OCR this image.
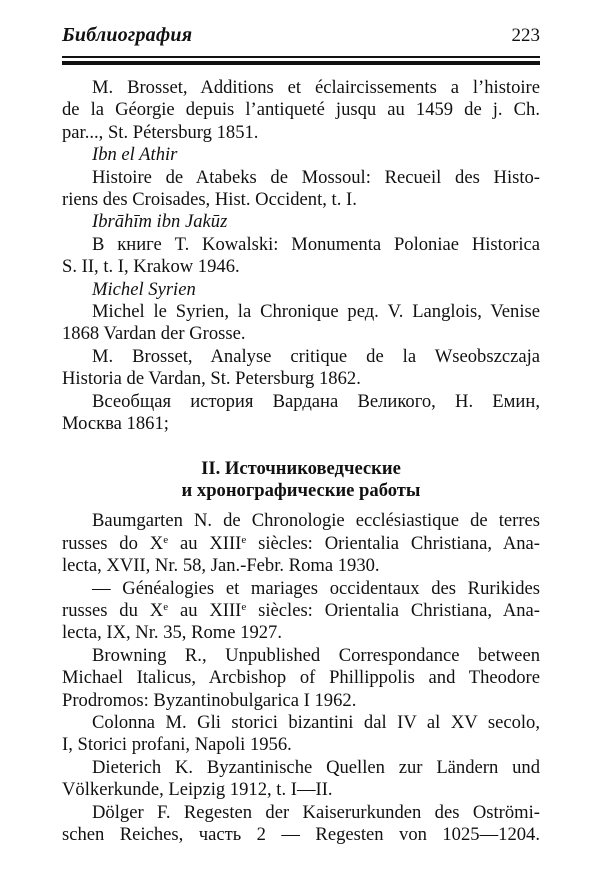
Библиография	223
M. Brosset, Additions et éclaircissements a l’histoire
de la Géorgie depuis l’antiqueté jusqu au 1459 de j. Ch.
par..., St. Pétersburg 1851.
Ibn el Athir
Histoire de Atabeks de Mossoul: Recueil des Histo-
riens des Croisades, Hist. Occident, t. I.
Ibrāhīm ibn Jakūz
В книге T. Kowalski: Monumenta Poloniae Historica
S. II, t. I, Krakow 1946.
Michel Syrien
Michel le Syrien, la Chronique ред. V. Langlois, Venise
1868 Vardan der Grosse.
M. Brosset, Analyse critique de la Wseobszczaja
Historia de Vardan, St. Petersburg 1862.
Всеобщая история Вардана Великого, Н. Емин,
Москва 1861;
II. Источниковедческие
и хронографические работы
Baumgarten N. de Chronologie ecclésiastique de terres
russes do Xe au XIIIe siècles: Orientalia Christiana, Ana-
lecta, XVII, Nr. 58, Jan.-Febr. Roma 1930.
— Généalogies et mariages occidentaux des Rurikides
russes du Xe au XIIIe siècles: Orientalia Christiana, Ana-
lecta, IX, Nr. 35, Rome 1927.
Browning R., Unpublished Correspondance between
Michael Italicus, Arcbishop of Phillippolis and Theodore
Prodromos: Byzantinobulgarica I 1962.
Colonna M. Gli storici bizantini dal IV al XV secolo,
I, Storici profani, Napoli 1956.
Dieterich K. Byzantinische Quellen zur Ländern und
Völkerkunde, Leipzig 1912, t. I—II.
Dölger F. Regesten der Kaiserurkunden des Oströmi-
schen Reiches, часть 2 — Regesten von 1025—1204.
